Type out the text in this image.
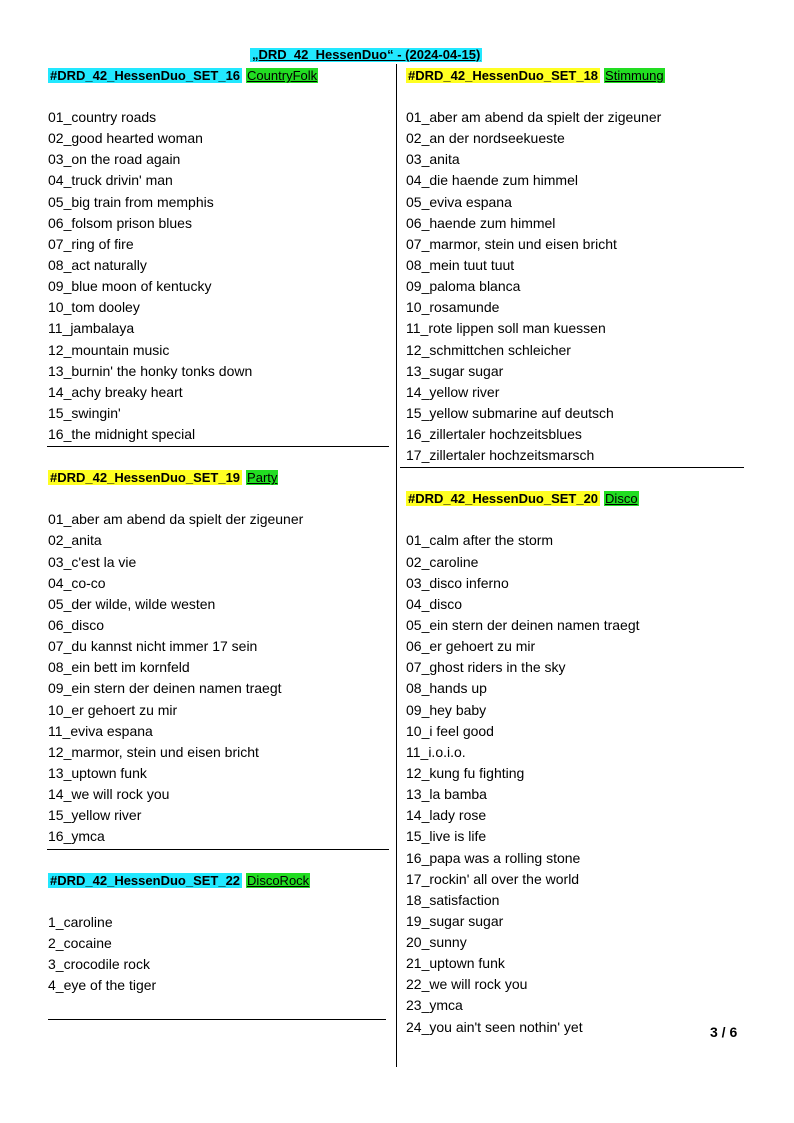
„DRD_42_HessenDuo“ - (2024-04-15)
#DRD_42_HessenDuo_SET_16 CountryFolk
01_country roads
02_good hearted woman
03_on the road again
04_truck drivin' man
05_big train from memphis
06_folsom prison blues
07_ring of fire
08_act naturally
09_blue moon of kentucky
10_tom dooley
11_jambalaya
12_mountain music
13_burnin' the honky tonks down
14_achy breaky heart
15_swingin'
16_the midnight special
#DRD_42_HessenDuo_SET_19 Party
01_aber am abend da spielt der zigeuner
02_anita
03_c'est la vie
04_co-co
05_der wilde, wilde westen
06_disco
07_du kannst nicht immer 17 sein
08_ein bett im kornfeld
09_ein stern der deinen namen traegt
10_er gehoert zu mir
11_eviva espana
12_marmor, stein und eisen bricht
13_uptown funk
14_we will rock you
15_yellow river
16_ymca
#DRD_42_HessenDuo_SET_22 DiscoRock
1_caroline
2_cocaine
3_crocodile rock
4_eye of the tiger
#DRD_42_HessenDuo_SET_18 Stimmung
01_aber am abend da spielt der zigeuner
02_an der nordseekueste
03_anita
04_die haende zum himmel
05_eviva espana
06_haende zum himmel
07_marmor, stein und eisen bricht
08_mein tuut tuut
09_paloma blanca
10_rosamunde
11_rote lippen soll man kuessen
12_schmittchen schleicher
13_sugar sugar
14_yellow river
15_yellow submarine auf deutsch
16_zillertaler hochzeitsblues
17_zillertaler hochzeitsmarsch
#DRD_42_HessenDuo_SET_20 Disco
01_calm after the storm
02_caroline
03_disco inferno
04_disco
05_ein stern der deinen namen traegt
06_er gehoert zu mir
07_ghost riders in the sky
08_hands up
09_hey baby
10_i feel good
11_i.o.i.o.
12_kung fu fighting
13_la bamba
14_lady rose
15_live is life
16_papa was a rolling stone
17_rockin' all over the world
18_satisfaction
19_sugar sugar
20_sunny
21_uptown funk
22_we will rock you
23_ymca
24_you ain't seen nothin' yet	3 / 6
